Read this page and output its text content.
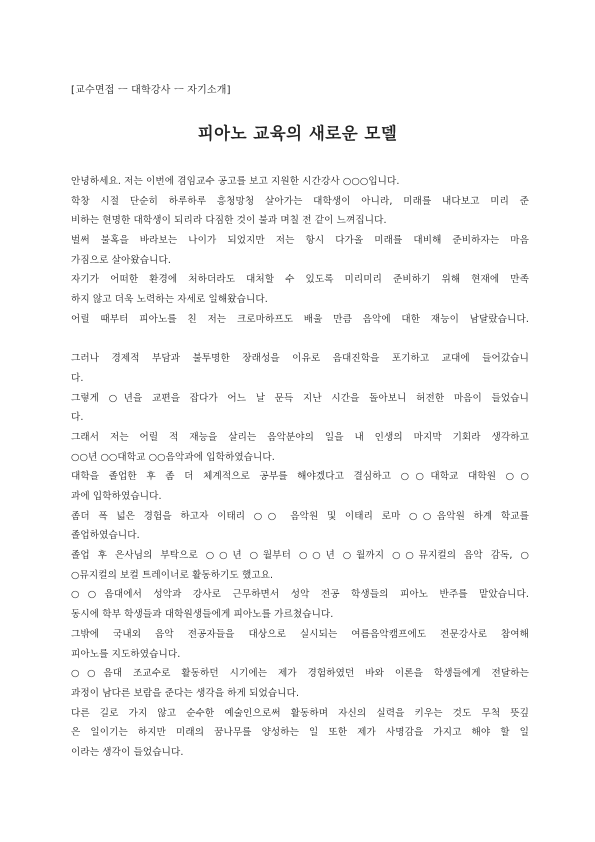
[교수면접 ㅡ 대학강사 ㅡ 자기소개]
피아노 교육의 새로운 모델
안녕하세요. 저는 이번에 겸임교수 공고를 보고 지원한 시간강사 ○○○입니다.
학창 시절 단순히 하루하루 흥청망청 살아가는 대학생이 아니라, 미래를 내다보고 미리 준
비하는 현명한 대학생이 되리라 다짐한 것이 불과 며칠 전 같이 느껴집니다.
벌써 불혹을 바라보는 나이가 되었지만 저는 항시 다가올 미래를 대비해 준비하자는 마음
가짐으로 살아왔습니다.
자기가 어떠한 환경에 처하더라도 대처할 수 있도록 미리미리 준비하기 위해 현재에 만족
하지 않고 더욱 노력하는 자세로 일해왔습니다.
어릴 때부터 피아노를 친 저는 크로마하프도 배울 만큼 음악에 대한 재능이 남달랐습니다.
그러나 경제적 부담과 불투명한 장래성을 이유로 음대진학을 포기하고 교대에 들어갔습니
다.
그렇게 ○년을 교편을 잡다가 어느 날 문득 지난 시간을 돌아보니 허전한 마음이 들었습니
다.
그래서 저는 어릴 적 재능을 살리는 음악분야의 일을 내 인생의 마지막 기회라 생각하고
○○년 ○○대학교 ○○음악과에 입학하였습니다.
대학을 졸업한 후 좀 더 체계적으로 공부를 해야겠다고 결심하고 ○○대학교 대학원 ○○
과에 입학하였습니다.
좀더 폭 넓은 경험을 하고자 이태리 ○○ 음악원 및 이태리 로마 ○○음악원 하계 학교를
졸업하였습니다.
졸업 후 은사님의 부탁으로 ○○년 ○월부터 ○○년 ○월까지 ○○뮤지컬의 음악 감독, ○
○뮤지컬의 보컬 트레이너로 활동하기도 했고요.
○○음대에서 성악과 강사로 근무하면서 성악 전공 학생들의 피아노 반주를 맡았습니다.
동시에 학부 학생들과 대학원생들에게 피아노를 가르쳤습니다.
그밖에 국내외 음악 전공자들을 대상으로 실시되는 여름음악캠프에도 전문강사로 참여해
피아노를 지도하였습니다.
○○음대 조교수로 활동하던 시기에는 제가 경험하였던 바와 이론을 학생들에게 전달하는
과정이 남다른 보람을 준다는 생각을 하게 되었습니다.
다른 길로 가지 않고 순수한 예술인으로써 활동하며 자신의 실력을 키우는 것도 무척 뜻깊
은 일이기는 하지만 미래의 꿈나무를 양성하는 일 또한 제가 사명감을 가지고 해야 할 일
이라는 생각이 들었습니다.
